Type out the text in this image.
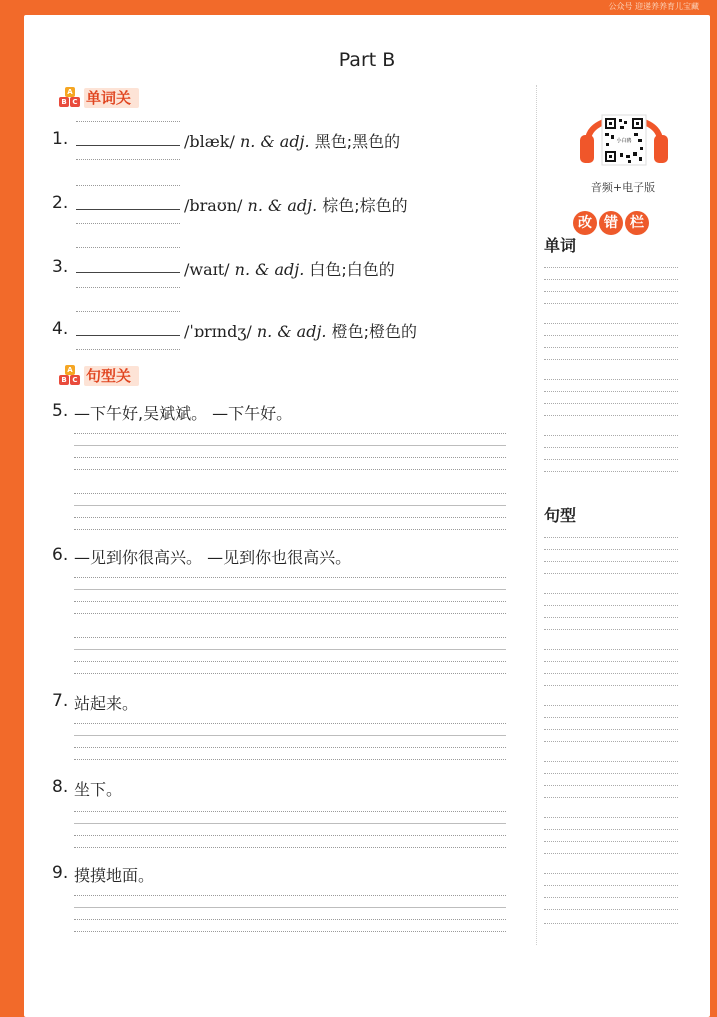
公众号 迎递养养育儿宝藏
Part B
A
B C 单词关
1.	/blæk/ n. & adj. 黑色;黑色的
2.	/braʊn/ n. & adj. 棕色;棕色的
3.	/waɪt/ n. & adj. 白色;白色的
4.	/ˈɒrɪndʒ/ n. & adj. 橙色;橙色的
A
B C 句型关
5. —下午好,吴斌斌。 —下午好。
6. —见到你很高兴。 —见到你也很高兴。
7. 站起来。
8. 坐下。
9. 摸摸地面。
小白鸥
音频+电子版
改 错 栏
单词
句型
